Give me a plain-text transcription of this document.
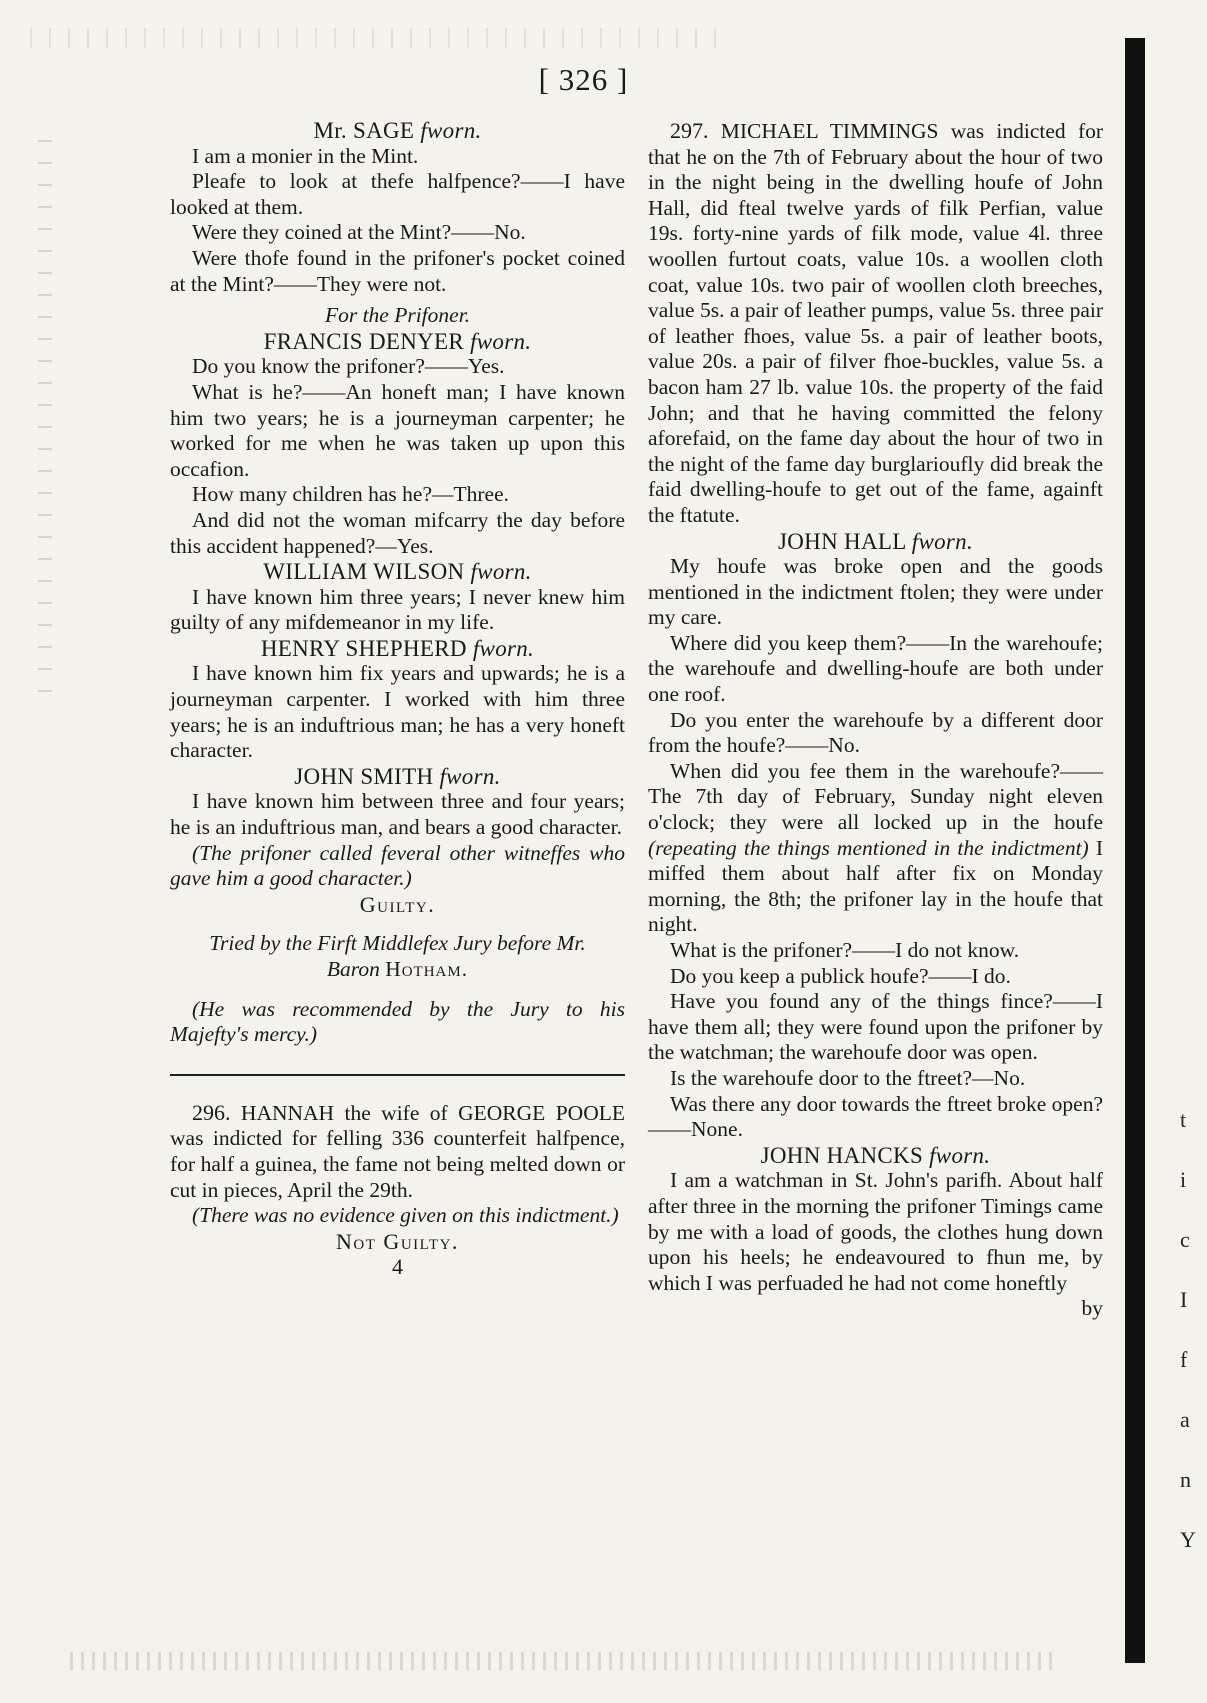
t
i
c
I
f
a
n
Y
[ 326 ]

Mr. SAGE fworn.

I am a monier in the Mint.

Pleafe to look at thefe halfpence?——I have looked at them.

Were they coined at the Mint?——No.

Were thofe found in the prifoner's pocket coined at the Mint?——They were not.

For the Prifoner.

FRANCIS DENYER fworn.

Do you know the prifoner?——Yes.

What is he?——An honeft man; I have known him two years; he is a journeyman carpenter; he worked for me when he was taken up upon this occafion.

How many children has he?—Three.

And did not the woman mifcarry the day before this accident happened?—Yes.

WILLIAM WILSON fworn.

I have known him three years; I never knew him guilty of any mifdemeanor in my life.

HENRY SHEPHERD fworn.

I have known him fix years and upwards; he is a journeyman carpenter. I worked with him three years; he is an induftrious man; he has a very honeft character.

JOHN SMITH fworn.

I have known him between three and four years; he is an induftrious man, and bears a good character.

(The prifoner called feveral other witneffes who gave him a good character.)

Guilty.

Tried by the Firft Middlefex Jury before Mr.

Baron Hotham.

(He was recommended by the Jury to his Majefty's mercy.)

296. HANNAH the wife of GEORGE POOLE was indicted for felling 336 counterfeit halfpence, for half a guinea, the fame not being melted down or cut in pieces, April the 29th.

(There was no evidence given on this indictment.)

Not Guilty.

4

297. MICHAEL TIMMINGS was indicted for that he on the 7th of February about the hour of two in the night being in the dwelling houfe of John Hall, did fteal twelve yards of filk Perfian, value 19s. forty-nine yards of filk mode, value 4l. three woollen furtout coats, value 10s. a woollen cloth coat, value 10s. two pair of woollen cloth breeches, value 5s. a pair of leather pumps, value 5s. three pair of leather fhoes, value 5s. a pair of leather boots, value 20s. a pair of filver fhoe-buckles, value 5s. a bacon ham 27 lb. value 10s. the property of the faid John; and that he having committed the felony aforefaid, on the fame day about the hour of two in the night of the fame day burglarioufly did break the faid dwelling-houfe to get out of the fame, againft the ftatute.

JOHN HALL fworn.

My houfe was broke open and the goods mentioned in the indictment ftolen; they were under my care.

Where did you keep them?——In the warehoufe; the warehoufe and dwelling-houfe are both under one roof.

Do you enter the warehoufe by a different door from the houfe?——No.

When did you fee them in the warehoufe?——The 7th day of February, Sunday night eleven o'clock; they were all locked up in the houfe (repeating the things mentioned in the indictment) I miffed them about half after fix on Monday morning, the 8th; the prifoner lay in the houfe that night.

What is the prifoner?——I do not know.

Do you keep a publick houfe?——I do.

Have you found any of the things fince?——I have them all; they were found upon the prifoner by the watchman; the warehoufe door was open.

Is the warehoufe door to the ftreet?—No.

Was there any door towards the ftreet broke open?——None.

JOHN HANCKS fworn.

I am a watchman in St. John's parifh. About half after three in the morning the prifoner Timings came by me with a load of goods, the clothes hung down upon his heels; he endeavoured to fhun me, by which I was perfuaded he had not come honeftly

by
